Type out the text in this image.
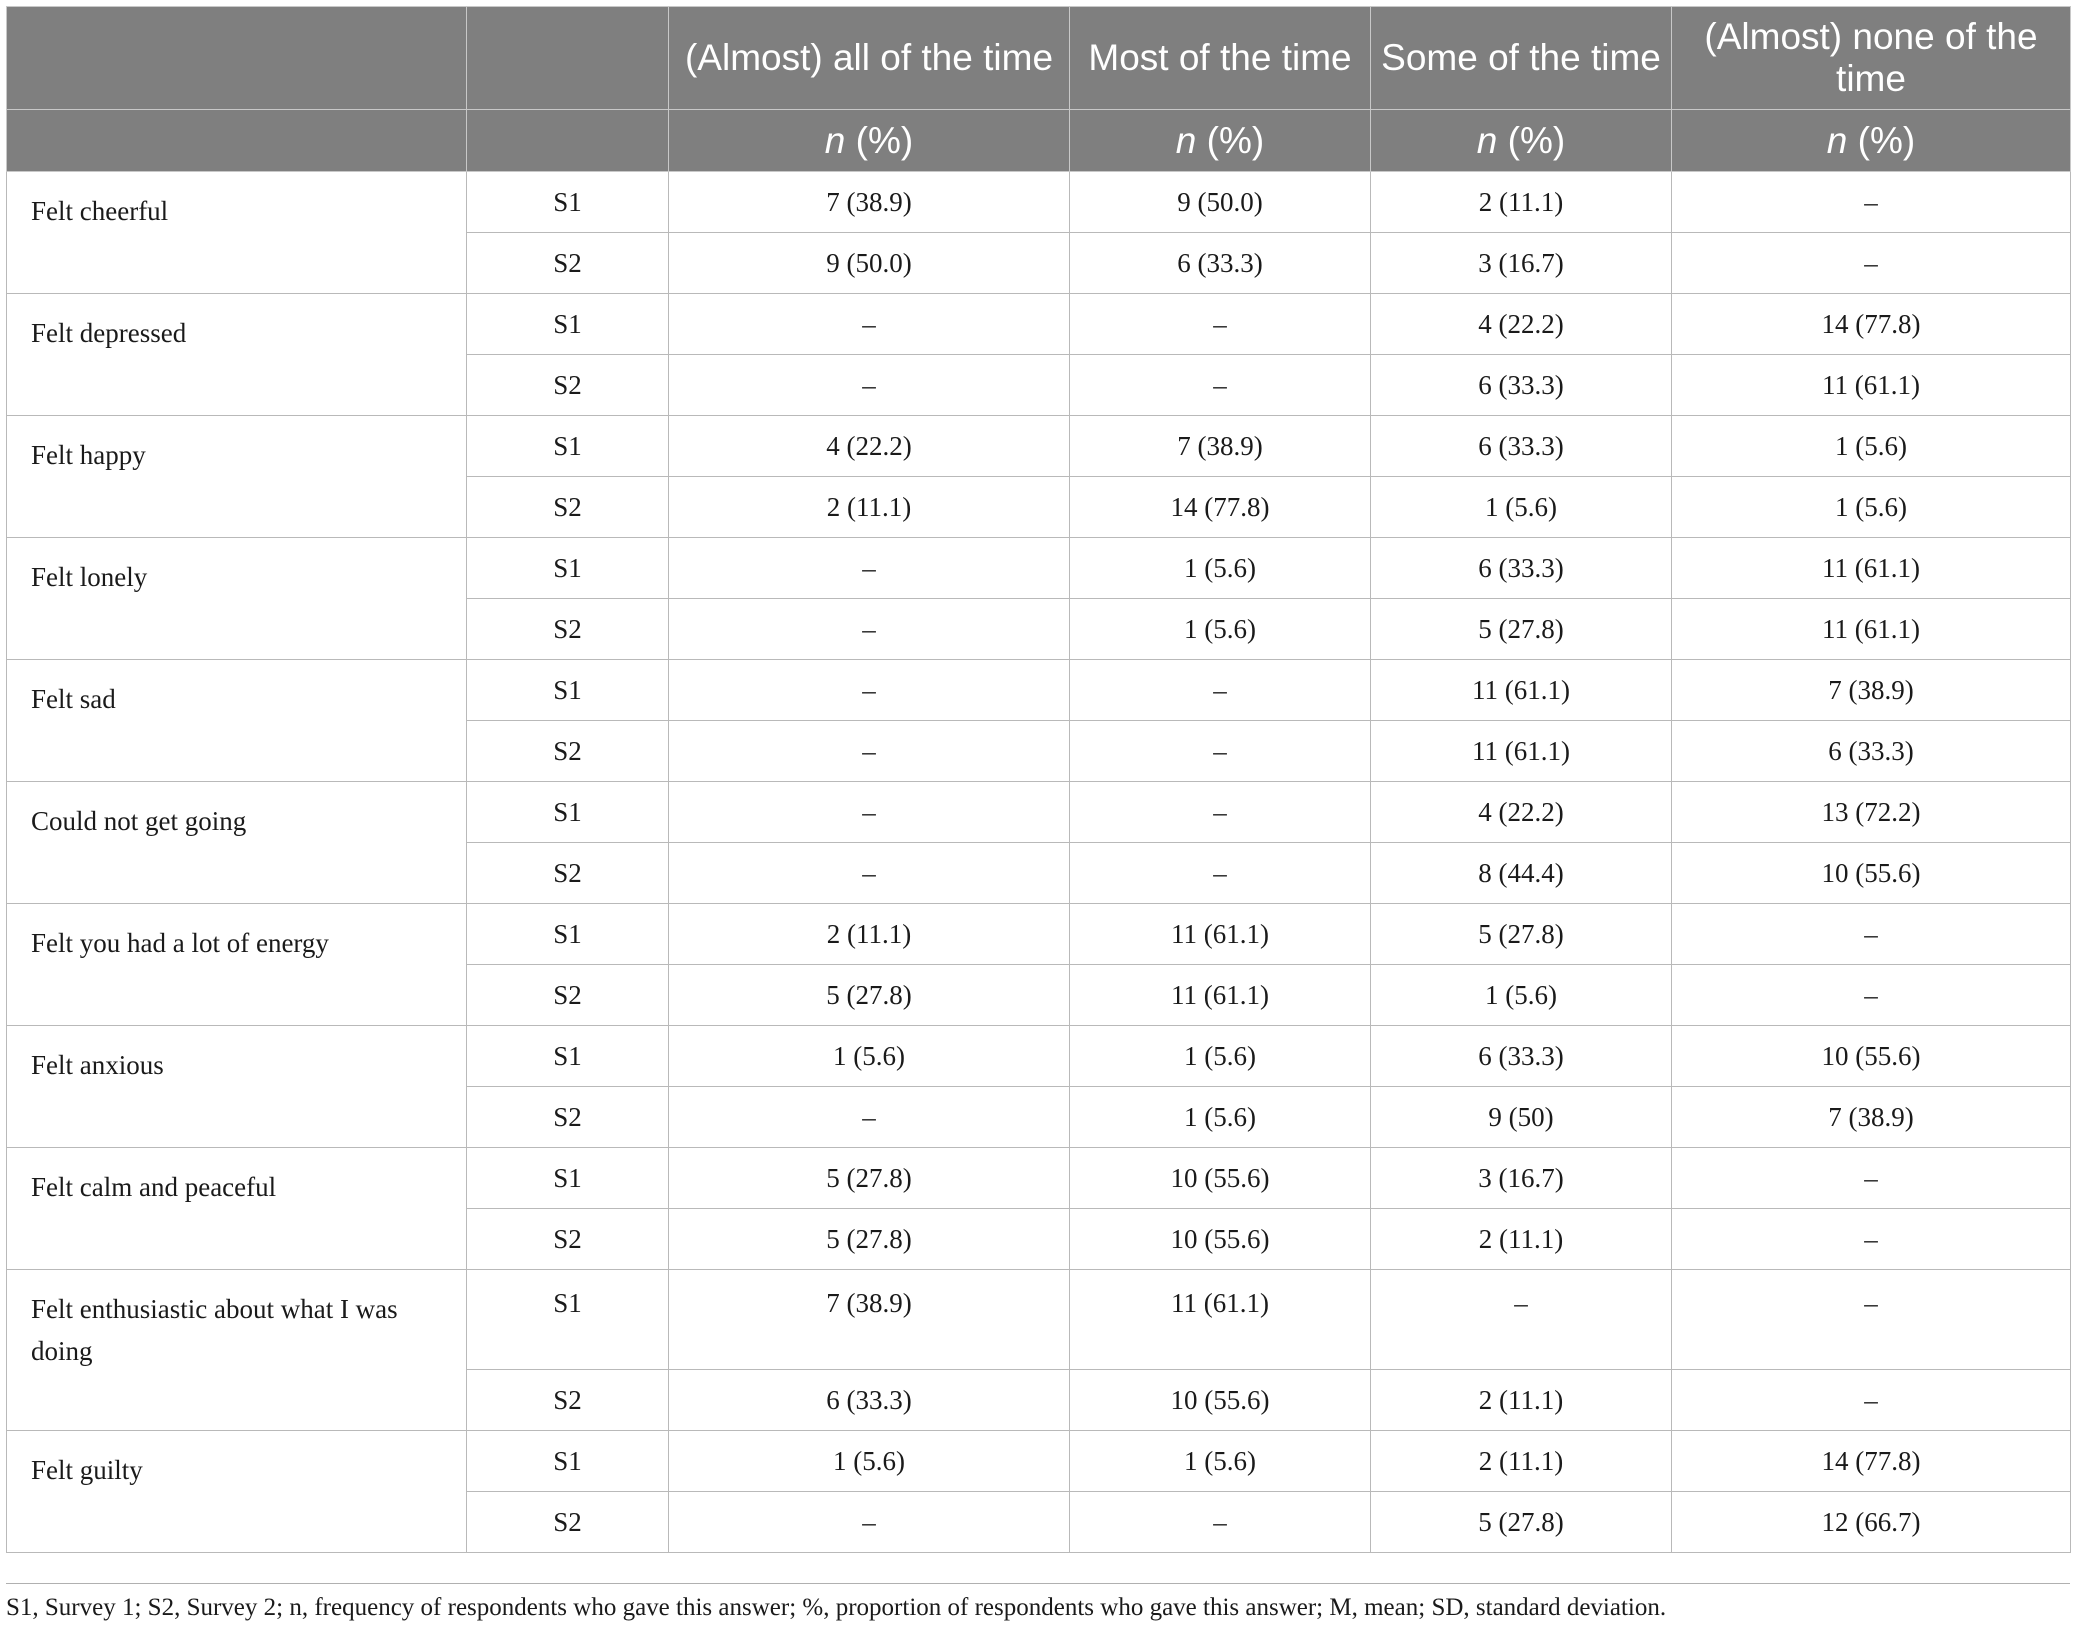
		(Almost) all of the time	Most of the time	Some of the time	(Almost) none of the time
		n (%)	n (%)	n (%)	n (%)
Felt cheerful	S1	7 (38.9)	9 (50.0)	2 (11.1)	–
	S2	9 (50.0)	6 (33.3)	3 (16.7)	–
Felt depressed	S1	–	–	4 (22.2)	14 (77.8)
	S2	–	–	6 (33.3)	11 (61.1)
Felt happy	S1	4 (22.2)	7 (38.9)	6 (33.3)	1 (5.6)
	S2	2 (11.1)	14 (77.8)	1 (5.6)	1 (5.6)
Felt lonely	S1	–	1 (5.6)	6 (33.3)	11 (61.1)
	S2	–	1 (5.6)	5 (27.8)	11 (61.1)
Felt sad	S1	–	–	11 (61.1)	7 (38.9)
	S2	–	–	11 (61.1)	6 (33.3)
Could not get going	S1	–	–	4 (22.2)	13 (72.2)
	S2	–	–	8 (44.4)	10 (55.6)
Felt you had a lot of energy	S1	2 (11.1)	11 (61.1)	5 (27.8)	–
	S2	5 (27.8)	11 (61.1)	1 (5.6)	–
Felt anxious	S1	1 (5.6)	1 (5.6)	6 (33.3)	10 (55.6)
	S2	–	1 (5.6)	9 (50)	7 (38.9)
Felt calm and peaceful	S1	5 (27.8)	10 (55.6)	3 (16.7)	–
	S2	5 (27.8)	10 (55.6)	2 (11.1)	–
Felt enthusiastic about what I was doing	S1	7 (38.9)	11 (61.1)	–	–
	S2	6 (33.3)	10 (55.6)	2 (11.1)	–
Felt guilty	S1	1 (5.6)	1 (5.6)	2 (11.1)	14 (77.8)
	S2	–	–	5 (27.8)	12 (66.7)
S1, Survey 1; S2, Survey 2; n, frequency of respondents who gave this answer; %, proportion of respondents who gave this answer; M, mean; SD, standard deviation.
